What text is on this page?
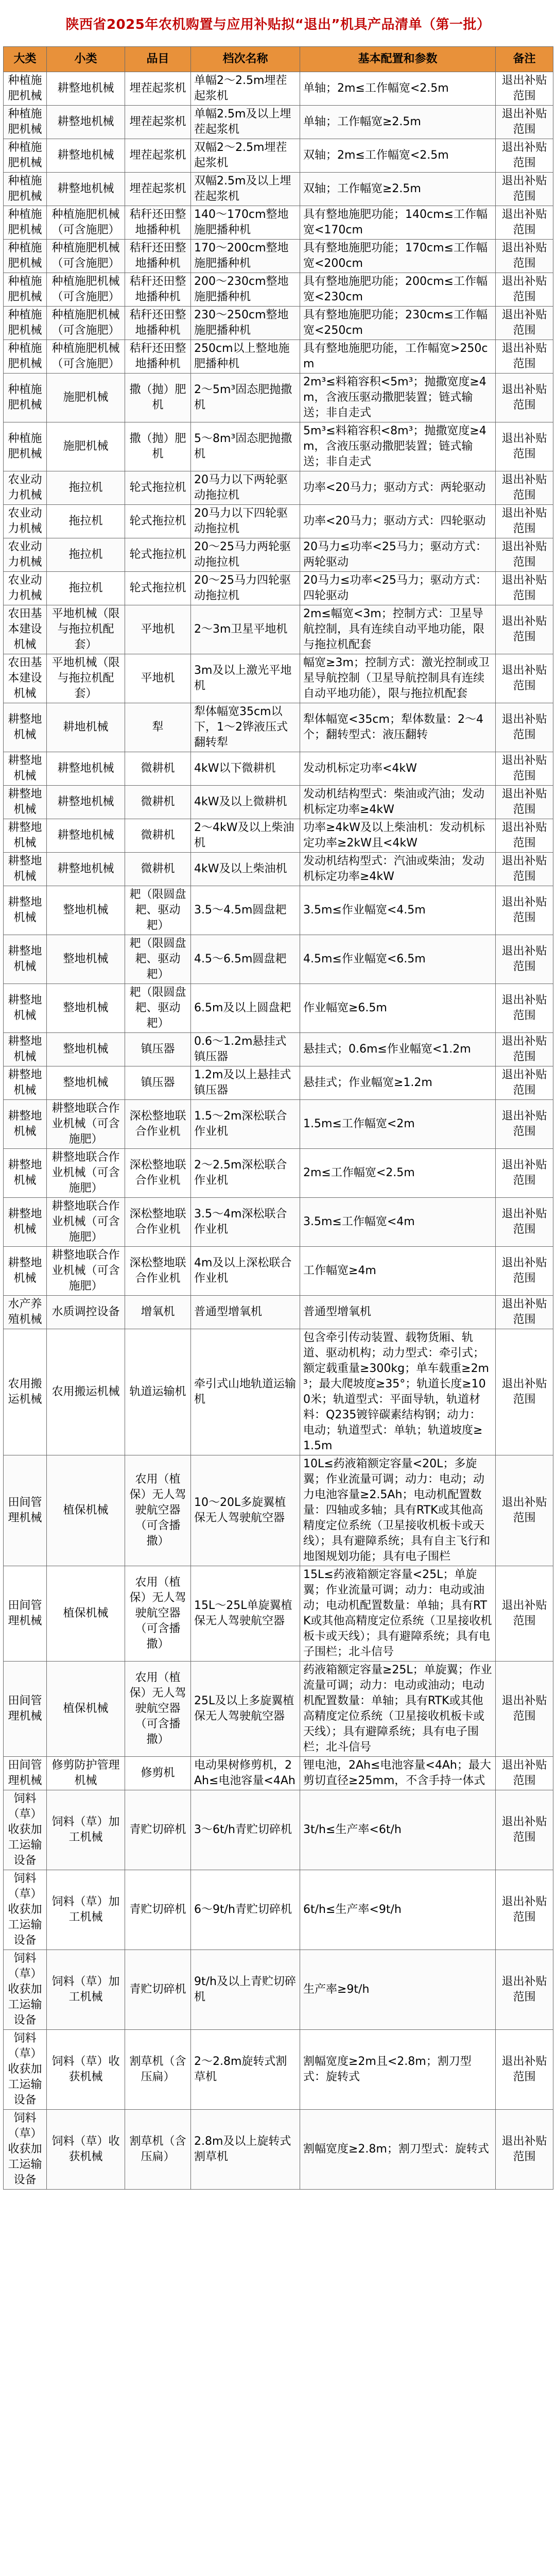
陕西省2025年农机购置与应用补贴拟“退出”机具产品清单（第一批）
大类	小类	品目	档次名称	基本配置和参数	备注
种植施肥机械	耕整地机械	埋茬起浆机	单幅2～2.5m埋茬起浆机	单轴；2m≤工作幅宽<2.5m	退出补贴范围
种植施肥机械	耕整地机械	埋茬起浆机	单幅2.5m及以上埋茬起浆机	单轴；工作幅宽≥2.5m	退出补贴范围
种植施肥机械	耕整地机械	埋茬起浆机	双幅2～2.5m埋茬起浆机	双轴；2m≤工作幅宽<2.5m	退出补贴范围
种植施肥机械	耕整地机械	埋茬起浆机	双幅2.5m及以上埋茬起浆机	双轴；工作幅宽≥2.5m	退出补贴范围
种植施肥机械	种植施肥机械（可含施肥）	秸秆还田整地播种机	140～170cm整地施肥播种机	具有整地施肥功能；140cm≤工作幅宽<170cm	退出补贴范围
种植施肥机械	种植施肥机械（可含施肥）	秸秆还田整地播种机	170～200cm整地施肥播种机	具有整地施肥功能；170cm≤工作幅宽<200cm	退出补贴范围
种植施肥机械	种植施肥机械（可含施肥）	秸秆还田整地播种机	200～230cm整地施肥播种机	具有整地施肥功能；200cm≤工作幅宽<230cm	退出补贴范围
种植施肥机械	种植施肥机械（可含施肥）	秸秆还田整地播种机	230～250cm整地施肥播种机	具有整地施肥功能；230cm≤工作幅宽<250cm	退出补贴范围
种植施肥机械	种植施肥机械（可含施肥）	秸秆还田整地播种机	250cm以上整地施肥播种机	具有整地施肥功能，工作幅宽>250cm	退出补贴范围
种植施肥机械	施肥机械	撒（抛）肥机	2～5m³固态肥抛撒机	2m³≤料箱容积<5m³；抛撒宽度≥4m，含液压驱动撒肥装置；链式输送；非自走式	退出补贴范围
种植施肥机械	施肥机械	撒（抛）肥机	5～8m³固态肥抛撒机	5m³≤料箱容积<8m³；抛撒宽度≥4m，含液压驱动撒肥装置；链式输送；非自走式	退出补贴范围
农业动力机械	拖拉机	轮式拖拉机	20马力以下两轮驱动拖拉机	功率<20马力；驱动方式：两轮驱动	退出补贴范围
农业动力机械	拖拉机	轮式拖拉机	20马力以下四轮驱动拖拉机	功率<20马力；驱动方式：四轮驱动	退出补贴范围
农业动力机械	拖拉机	轮式拖拉机	20～25马力两轮驱动拖拉机	20马力≤功率<25马力；驱动方式：两轮驱动	退出补贴范围
农业动力机械	拖拉机	轮式拖拉机	20～25马力四轮驱动拖拉机	20马力≤功率<25马力；驱动方式：四轮驱动	退出补贴范围
农田基本建设机械	平地机械（限与拖拉机配套）	平地机	2～3m卫星平地机	2m≤幅宽<3m；控制方式：卫星导航控制，具有连续自动平地功能，限与拖拉机配套	退出补贴范围
农田基本建设机械	平地机械（限与拖拉机配套）	平地机	3m及以上激光平地机	幅宽≥3m；控制方式：激光控制或卫星导航控制（卫星导航控制具有连续自动平地功能），限与拖拉机配套	退出补贴范围
耕整地机械	耕地机械	犁	犁体幅宽35cm以下，1～2铧液压式翻转犁	犁体幅宽<35cm；犁体数量：2～4个；翻转型式：液压翻转	退出补贴范围
耕整地机械	耕整地机械	微耕机	4kW以下微耕机	发动机标定功率<4kW	退出补贴范围
耕整地机械	耕整地机械	微耕机	4kW及以上微耕机	发动机结构型式：柴油或汽油；发动机标定功率≥4kW	退出补贴范围
耕整地机械	耕整地机械	微耕机	2～4kW及以上柴油机	功率≥4kW及以上柴油机：发动机标定功率≥2kW且<4kW	退出补贴范围
耕整地机械	耕整地机械	微耕机	4kW及以上柴油机	发动机结构型式：汽油或柴油；发动机标定功率≥4kW	退出补贴范围
耕整地机械	整地机械	耙（限圆盘耙、驱动耙）	3.5～4.5m圆盘耙	3.5m≤作业幅宽<4.5m	退出补贴范围
耕整地机械	整地机械	耙（限圆盘耙、驱动耙）	4.5～6.5m圆盘耙	4.5m≤作业幅宽<6.5m	退出补贴范围
耕整地机械	整地机械	耙（限圆盘耙、驱动耙）	6.5m及以上圆盘耙	作业幅宽≥6.5m	退出补贴范围
耕整地机械	整地机械	镇压器	0.6～1.2m悬挂式镇压器	悬挂式；0.6m≤作业幅宽<1.2m	退出补贴范围
耕整地机械	整地机械	镇压器	1.2m及以上悬挂式镇压器	悬挂式；作业幅宽≥1.2m	退出补贴范围
耕整地机械	耕整地联合作业机械（可含施肥）	深松整地联合作业机	1.5～2m深松联合作业机	1.5m≤工作幅宽<2m	退出补贴范围
耕整地机械	耕整地联合作业机械（可含施肥）	深松整地联合作业机	2～2.5m深松联合作业机	2m≤工作幅宽<2.5m	退出补贴范围
耕整地机械	耕整地联合作业机械（可含施肥）	深松整地联合作业机	3.5～4m深松联合作业机	3.5m≤工作幅宽<4m	退出补贴范围
耕整地机械	耕整地联合作业机械（可含施肥）	深松整地联合作业机	4m及以上深松联合作业机	工作幅宽≥4m	退出补贴范围
水产养殖机械	水质调控设备	增氧机	普通型增氧机	普通型增氧机	退出补贴范围
农用搬运机械	农用搬运机械	轨道运输机	牵引式山地轨道运输机	包含牵引传动装置、载物货厢、轨道、驱动机构；动力型式：牵引式；额定载重量≥300kg；单车载重≥2m³；最大爬坡度≥35°；轨道长度≥100米；轨道型式：平面导轨，轨道材料：Q235镀锌碳素结构钢；动力：电动；轨道型式：单轨；轨道坡度≥1.5m	退出补贴范围
田间管理机械	植保机械	农用（植保）无人驾驶航空器（可含播撒）	10～20L多旋翼植保无人驾驶航空器	10L≤药液箱额定容量<20L；多旋翼；作业流量可调；动力：电动；动力电池容量≥2.5Ah；电动机配置数量：四轴或多轴；具有RTK或其他高精度定位系统（卫星接收机板卡或天线）；具有避障系统；具有自主飞行和地图规划功能；具有电子围栏	退出补贴范围
田间管理机械	植保机械	农用（植保）无人驾驶航空器（可含播撒）	15L～25L单旋翼植保无人驾驶航空器	15L≤药液箱额定容量<25L；单旋翼；作业流量可调；动力：电动或油动；电动机配置数量：单轴；具有RTK或其他高精度定位系统（卫星接收机板卡或天线）；具有避障系统；具有电子围栏；北斗信号	退出补贴范围
田间管理机械	植保机械	农用（植保）无人驾驶航空器（可含播撒）	25L及以上多旋翼植保无人驾驶航空器	药液箱额定容量≥25L；单旋翼；作业流量可调；动力：电动或油动；电动机配置数量：单轴；具有RTK或其他高精度定位系统（卫星接收机板卡或天线）；具有避障系统；具有电子围栏；北斗信号	退出补贴范围
田间管理机械	修剪防护管理机械	修剪机	电动果树修剪机，2Ah≤电池容量<4Ah	锂电池，2Ah≤电池容量<4Ah；最大剪切直径≥25mm，不含手持一体式	退出补贴范围
饲料（草）收获加工运输设备	饲料（草）加工机械	青贮切碎机	3～6t/h青贮切碎机	3t/h≤生产率<6t/h	退出补贴范围
饲料（草）收获加工运输设备	饲料（草）加工机械	青贮切碎机	6～9t/h青贮切碎机	6t/h≤生产率<9t/h	退出补贴范围
饲料（草）收获加工运输设备	饲料（草）加工机械	青贮切碎机	9t/h及以上青贮切碎机	生产率≥9t/h	退出补贴范围
饲料（草）收获加工运输设备	饲料（草）收获机械	割草机（含压扁）	2～2.8m旋转式割草机	割幅宽度≥2m且<2.8m；割刀型式：旋转式	退出补贴范围
饲料（草）收获加工运输设备	饲料（草）收获机械	割草机（含压扁）	2.8m及以上旋转式割草机	割幅宽度≥2.8m；割刀型式：旋转式	退出补贴范围
